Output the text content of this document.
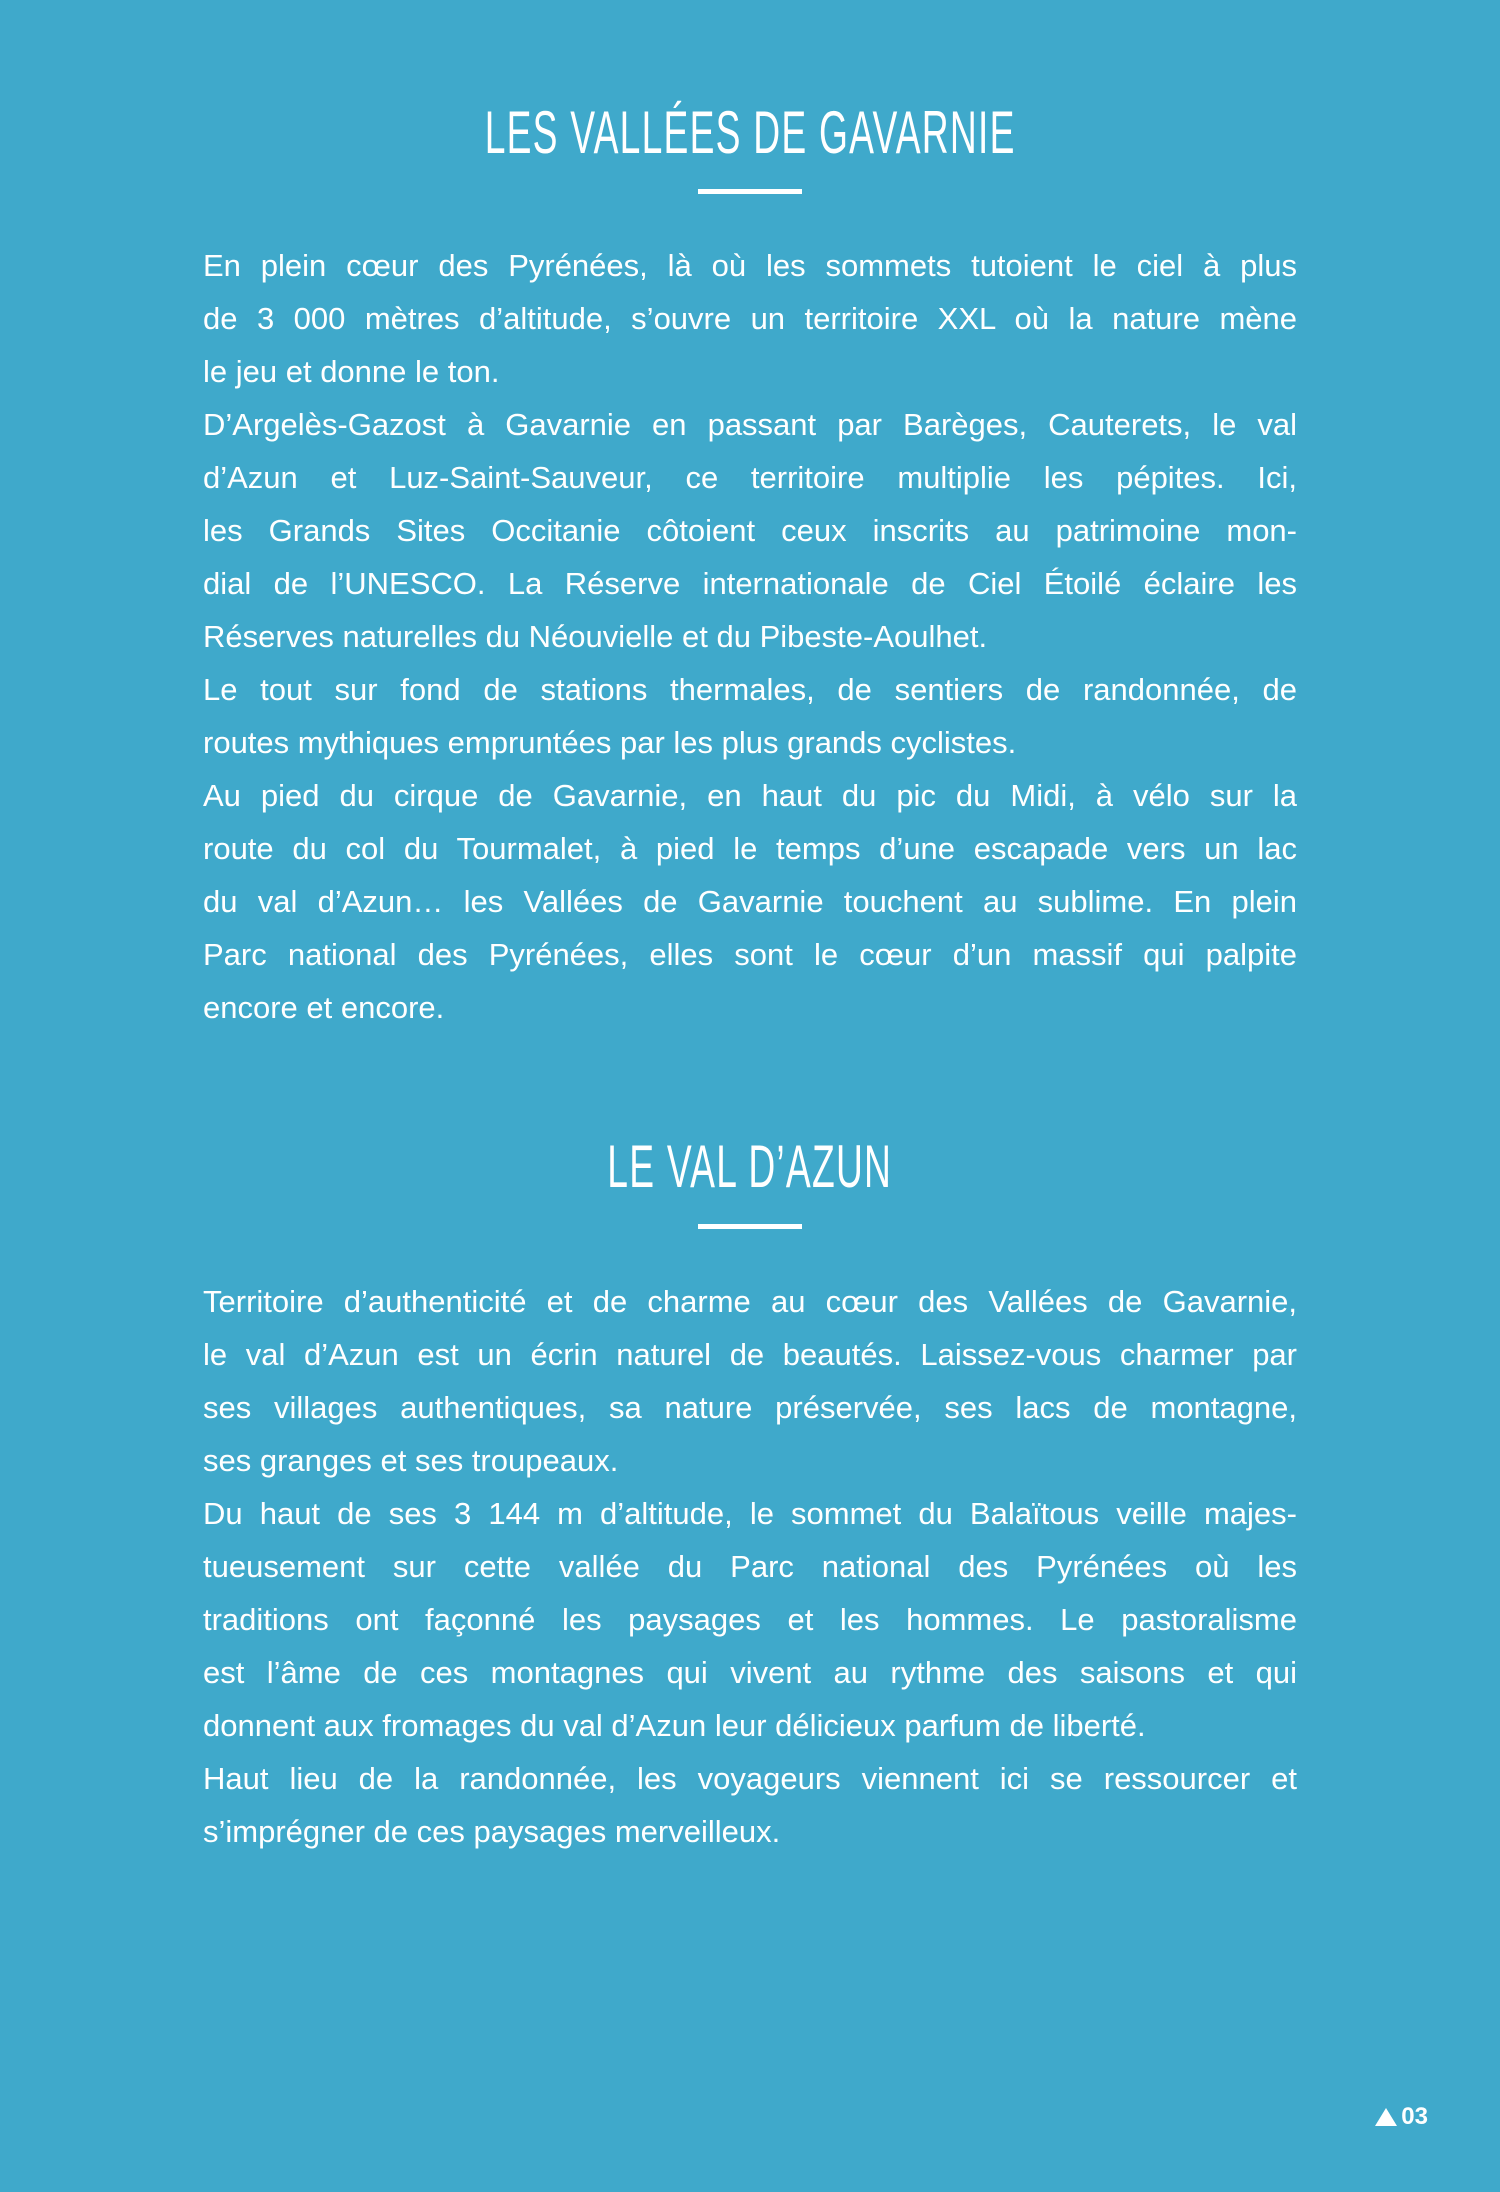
LES VALLÉES DE GAVARNIE
En plein cœur des Pyrénées, là où les sommets tutoient le ciel à plus
de 3 000 mètres d’altitude, s’ouvre un territoire XXL où la nature mène
le jeu et donne le ton.
D’Argelès-Gazost à Gavarnie en passant par Barèges, Cauterets, le val
d’Azun et Luz-Saint-Sauveur, ce territoire multiplie les pépites. Ici,
les Grands Sites Occitanie côtoient ceux inscrits au patrimoine mon-
dial de l’UNESCO. La Réserve internationale de Ciel Étoilé éclaire les
Réserves naturelles du Néouvielle et du Pibeste-Aoulhet.
Le tout sur fond de stations thermales, de sentiers de randonnée, de
routes mythiques empruntées par les plus grands cyclistes.
Au pied du cirque de Gavarnie, en haut du pic du Midi, à vélo sur la
route du col du Tourmalet, à pied le temps d’une escapade vers un lac
du val d’Azun… les Vallées de Gavarnie touchent au sublime. En plein
Parc national des Pyrénées, elles sont le cœur d’un massif qui palpite
encore et encore.
LE VAL D’AZUN
Territoire d’authenticité et de charme au cœur des Vallées de Gavarnie,
le val d’Azun est un écrin naturel de beautés. Laissez-vous charmer par
ses villages authentiques, sa nature préservée, ses lacs de montagne,
ses granges et ses troupeaux.
Du haut de ses 3 144 m d’altitude, le sommet du Balaïtous veille majes-
tueusement sur cette vallée du Parc national des Pyrénées où les
traditions ont façonné les paysages et les hommes. Le pastoralisme
est l’âme de ces montagnes qui vivent au rythme des saisons et qui
donnent aux fromages du val d’Azun leur délicieux parfum de liberté.
Haut lieu de la randonnée, les voyageurs viennent ici se ressourcer et
s’imprégner de ces paysages merveilleux.
03
